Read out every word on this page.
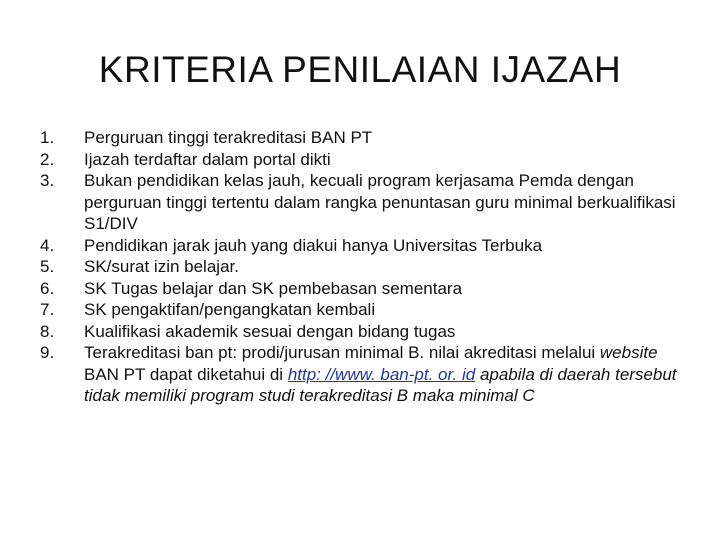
KRITERIA PENILAIAN IJAZAH
1.	Perguruan tinggi terakreditasi BAN PT
2.	Ijazah terdaftar dalam portal dikti
3.	Bukan pendidikan kelas jauh, kecuali program kerjasama Pemda dengan perguruan tinggi tertentu dalam rangka penuntasan guru minimal berkualifikasi S1/DIV
4.	Pendidikan jarak jauh yang diakui hanya Universitas Terbuka
5.	SK/surat izin belajar.
6.	SK Tugas belajar dan SK pembebasan sementara
7.	SK pengaktifan/pengangkatan kembali
8.	Kualifikasi akademik sesuai dengan bidang tugas
9.	Terakreditasi ban pt: prodi/jurusan minimal B. nilai akreditasi melalui website BAN PT dapat diketahui di http: //www. ban-pt. or. id apabila di daerah tersebut tidak memiliki program studi terakreditasi B maka minimal C
